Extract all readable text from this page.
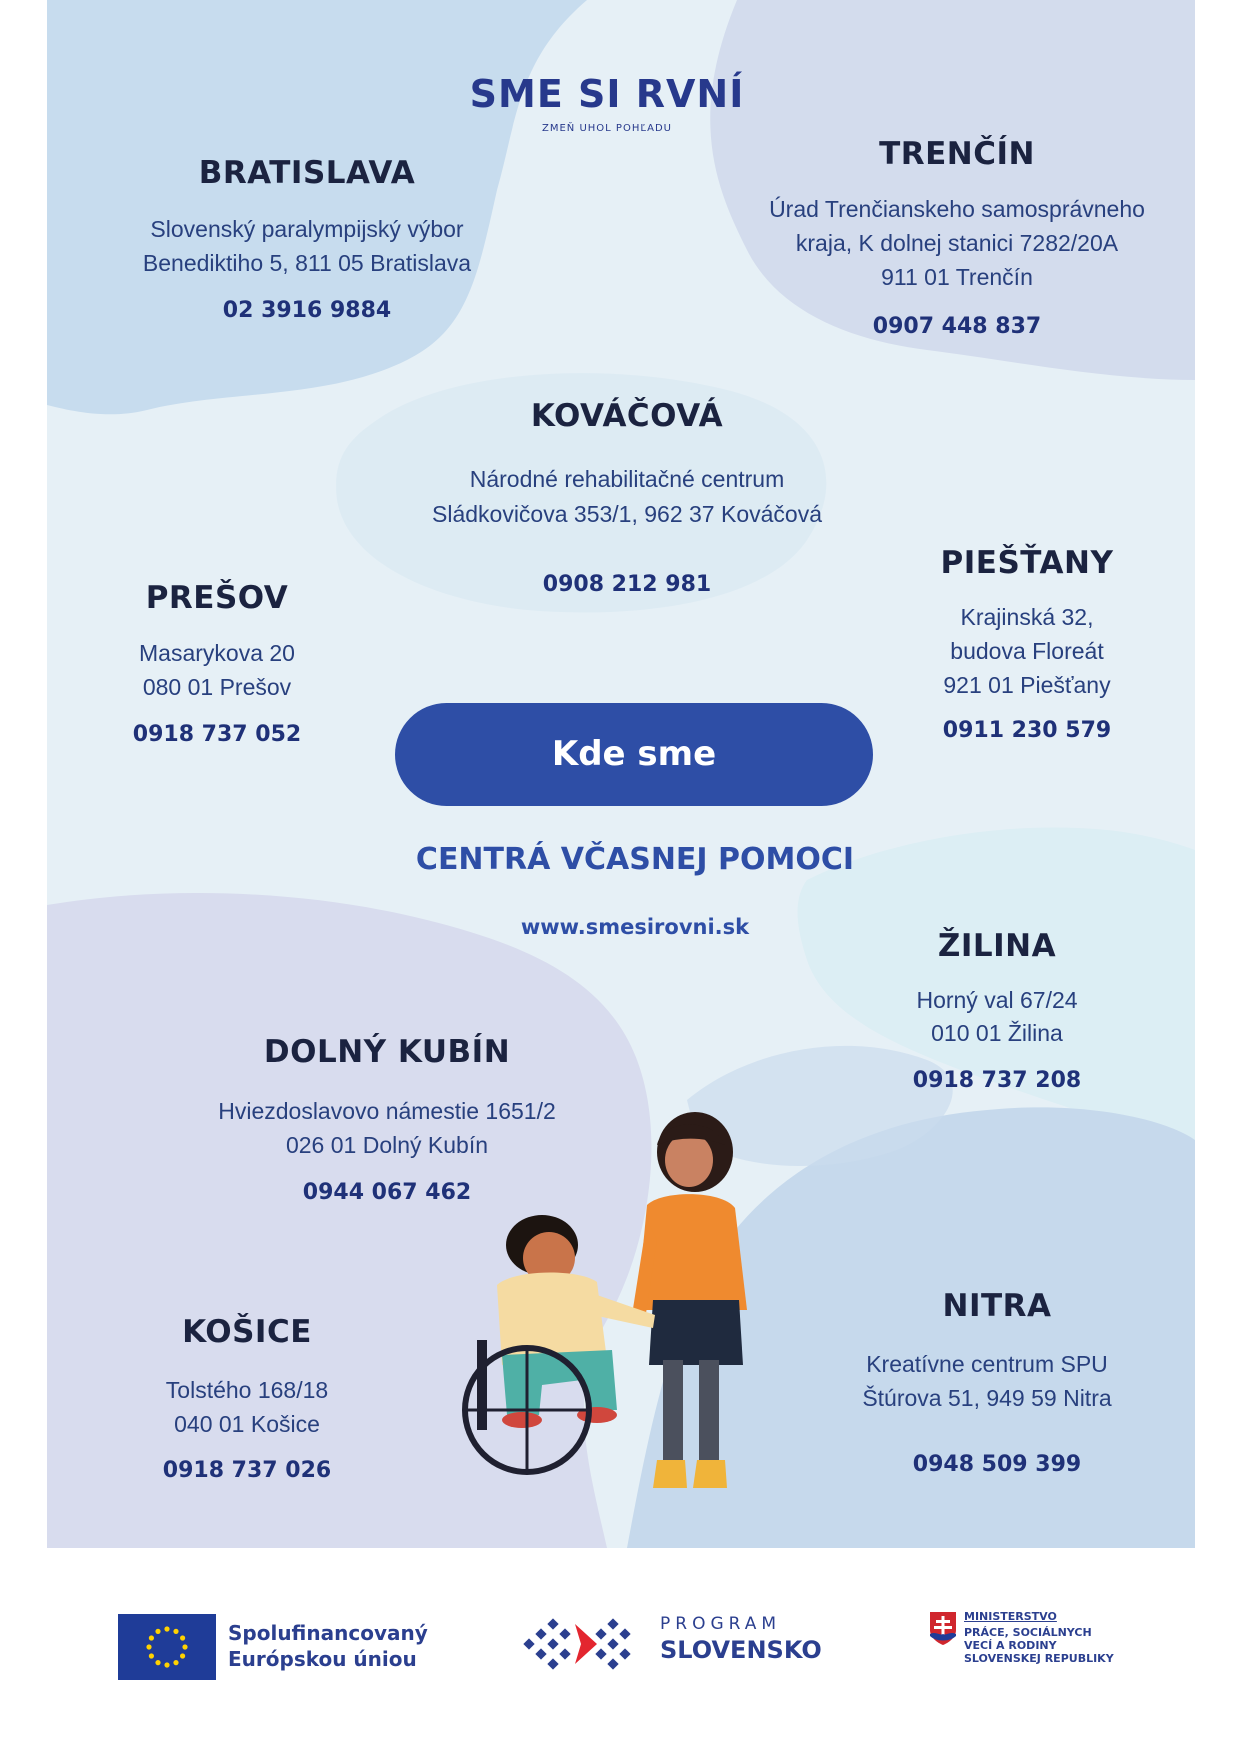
SME SI RVNÍ
ZMEŇ UHOL POHĽADU
BRATISLAVA
Slovenský paralympijský výbor
Benediktiho 5, 811 05 Bratislava
02 3916 9884
TRENČÍN
Úrad Trenčianskeho samosprávneho
kraja, K dolnej stanici 7282/20A
911 01 Trenčín
0907 448 837
KOVÁČOVÁ
Národné rehabilitačné centrum
Sládkovičova 353/1, 962 37 Kováčová
0908 212 981
PREŠOV
Masarykova 20
080 01 Prešov
0918 737 052
PIEŠŤANY
Krajinská 32,
budova Floreát
921 01 Piešťany
0911 230 579
Kde sme
CENTRÁ VČASNEJ POMOCI
www.smesirovni.sk
ŽILINA
Horný val 67/24
010 01 Žilina
0918 737 208
DOLNÝ KUBÍN
Hviezdoslavovo námestie 1651/2
026 01 Dolný Kubín
0944 067 462
KOŠICE
Tolstého 168/18
040 01 Košice
0918 737 026
NITRA
Kreatívne centrum SPU
Štúrova 51, 949 59 Nitra
0948 509 399
Spolufinancovaný
Európskou úniou
PROGRAM
SLOVENSKO
MINISTERSTVO
PRÁCE, SOCIÁLNYCH
VECÍ A RODINY
SLOVENSKEJ REPUBLIKY
